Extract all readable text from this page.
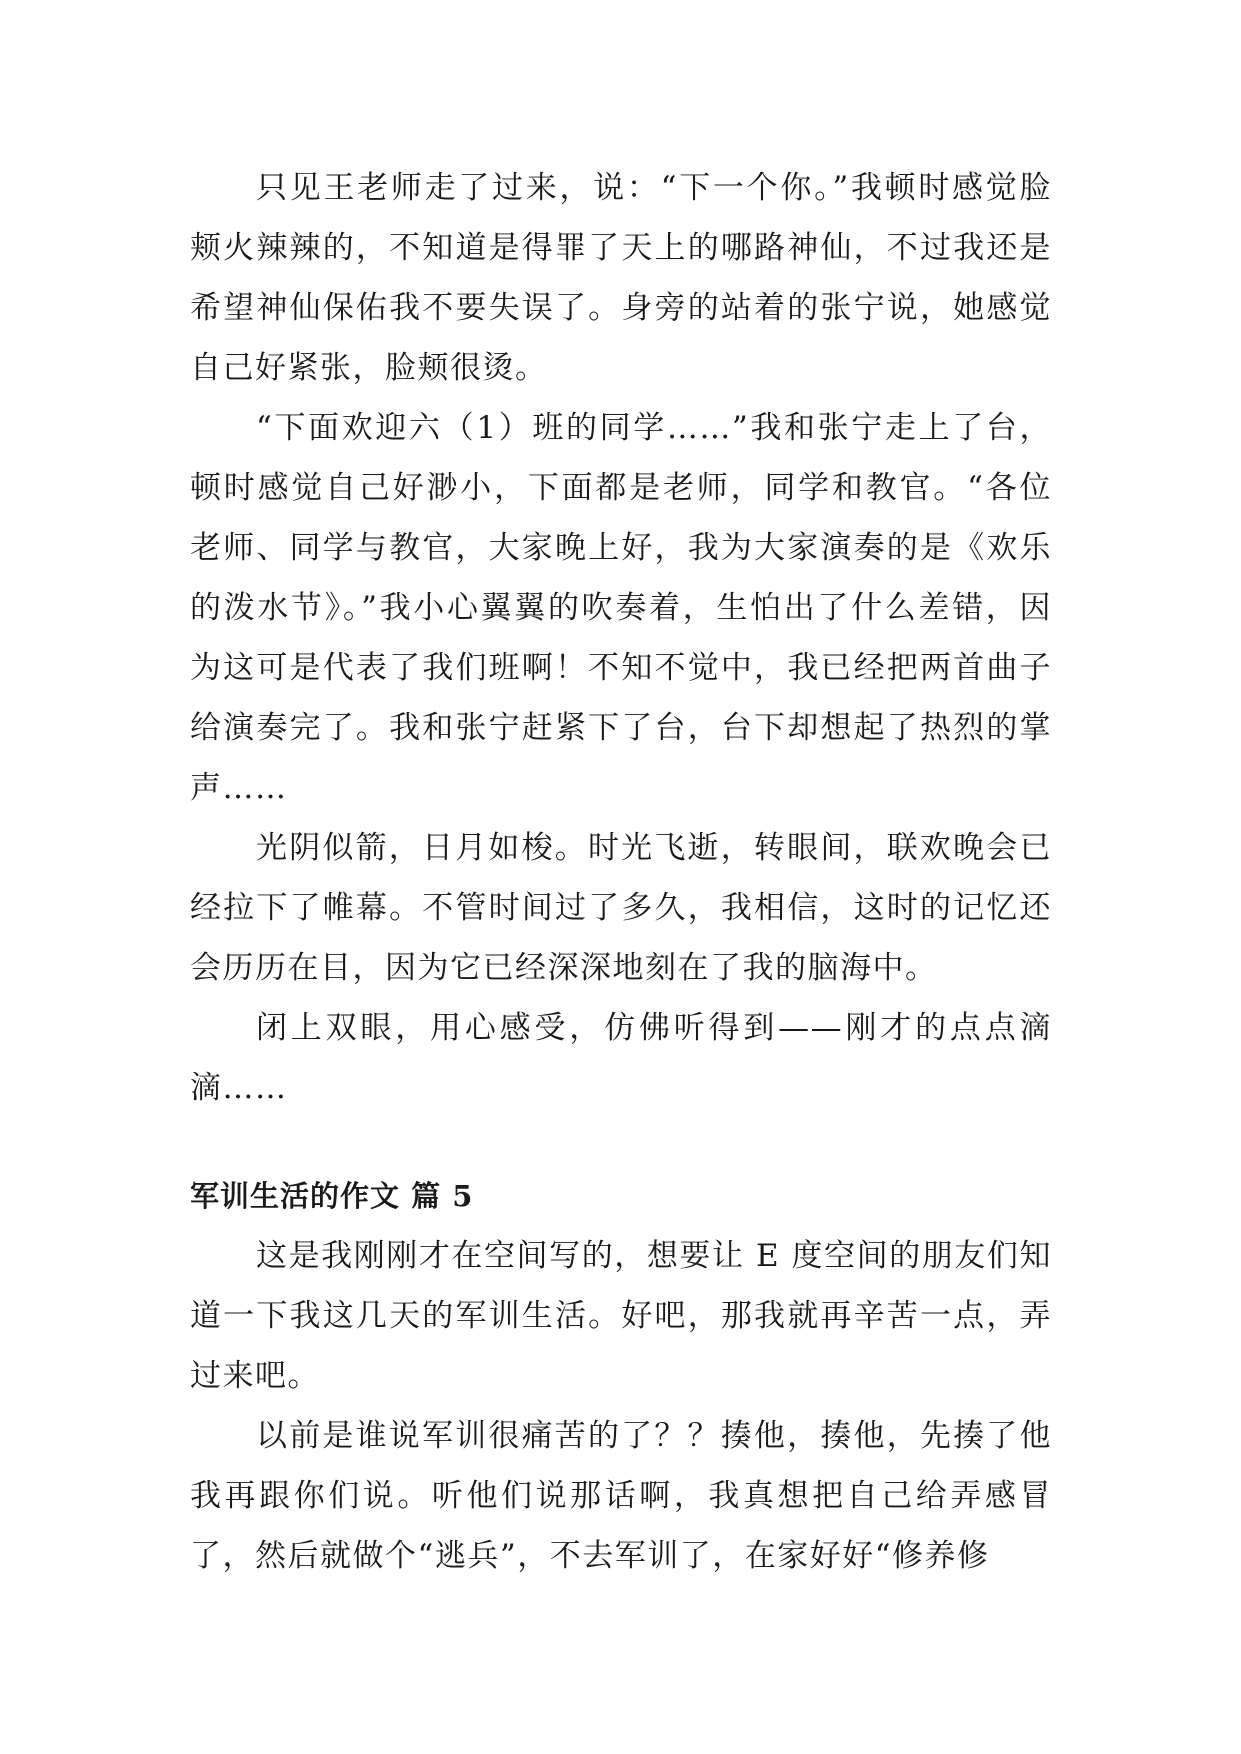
只见王老师走了过来，说：“下一个你。”我顿时感觉脸颊火辣辣的，不知道是得罪了天上的哪路神仙，不过我还是希望神仙保佑我不要失误了。身旁的站着的张宁说，她感觉自己好紧张，脸颊很烫。

“下面欢迎六（1）班的同学……”我和张宁走上了台，顿时感觉自己好渺小，下面都是老师，同学和教官。“各位老师、同学与教官，大家晚上好，我为大家演奏的是《欢乐的泼水节》。”我小心翼翼的吹奏着，生怕出了什么差错，因为这可是代表了我们班啊！不知不觉中，我已经把两首曲子给演奏完了。我和张宁赶紧下了台，台下却想起了热烈的掌声……

光阴似箭，日月如梭。时光飞逝，转眼间，联欢晚会已经拉下了帷幕。不管时间过了多久，我相信，这时的记忆还会历历在目，因为它已经深深地刻在了我的脑海中。

闭上双眼，用心感受，仿佛听得到——刚才的点点滴滴……

军训生活的作文 篇 5

这是我刚刚才在空间写的，想要让 E 度空间的朋友们知道一下我这几天的军训生活。好吧，那我就再辛苦一点，弄过来吧。

以前是谁说军训很痛苦的了？？揍他，揍他，先揍了他我再跟你们说。听他们说那话啊，我真想把自己给弄感冒了，然后就做个“逃兵”，不去军训了，在家好好“修养修
